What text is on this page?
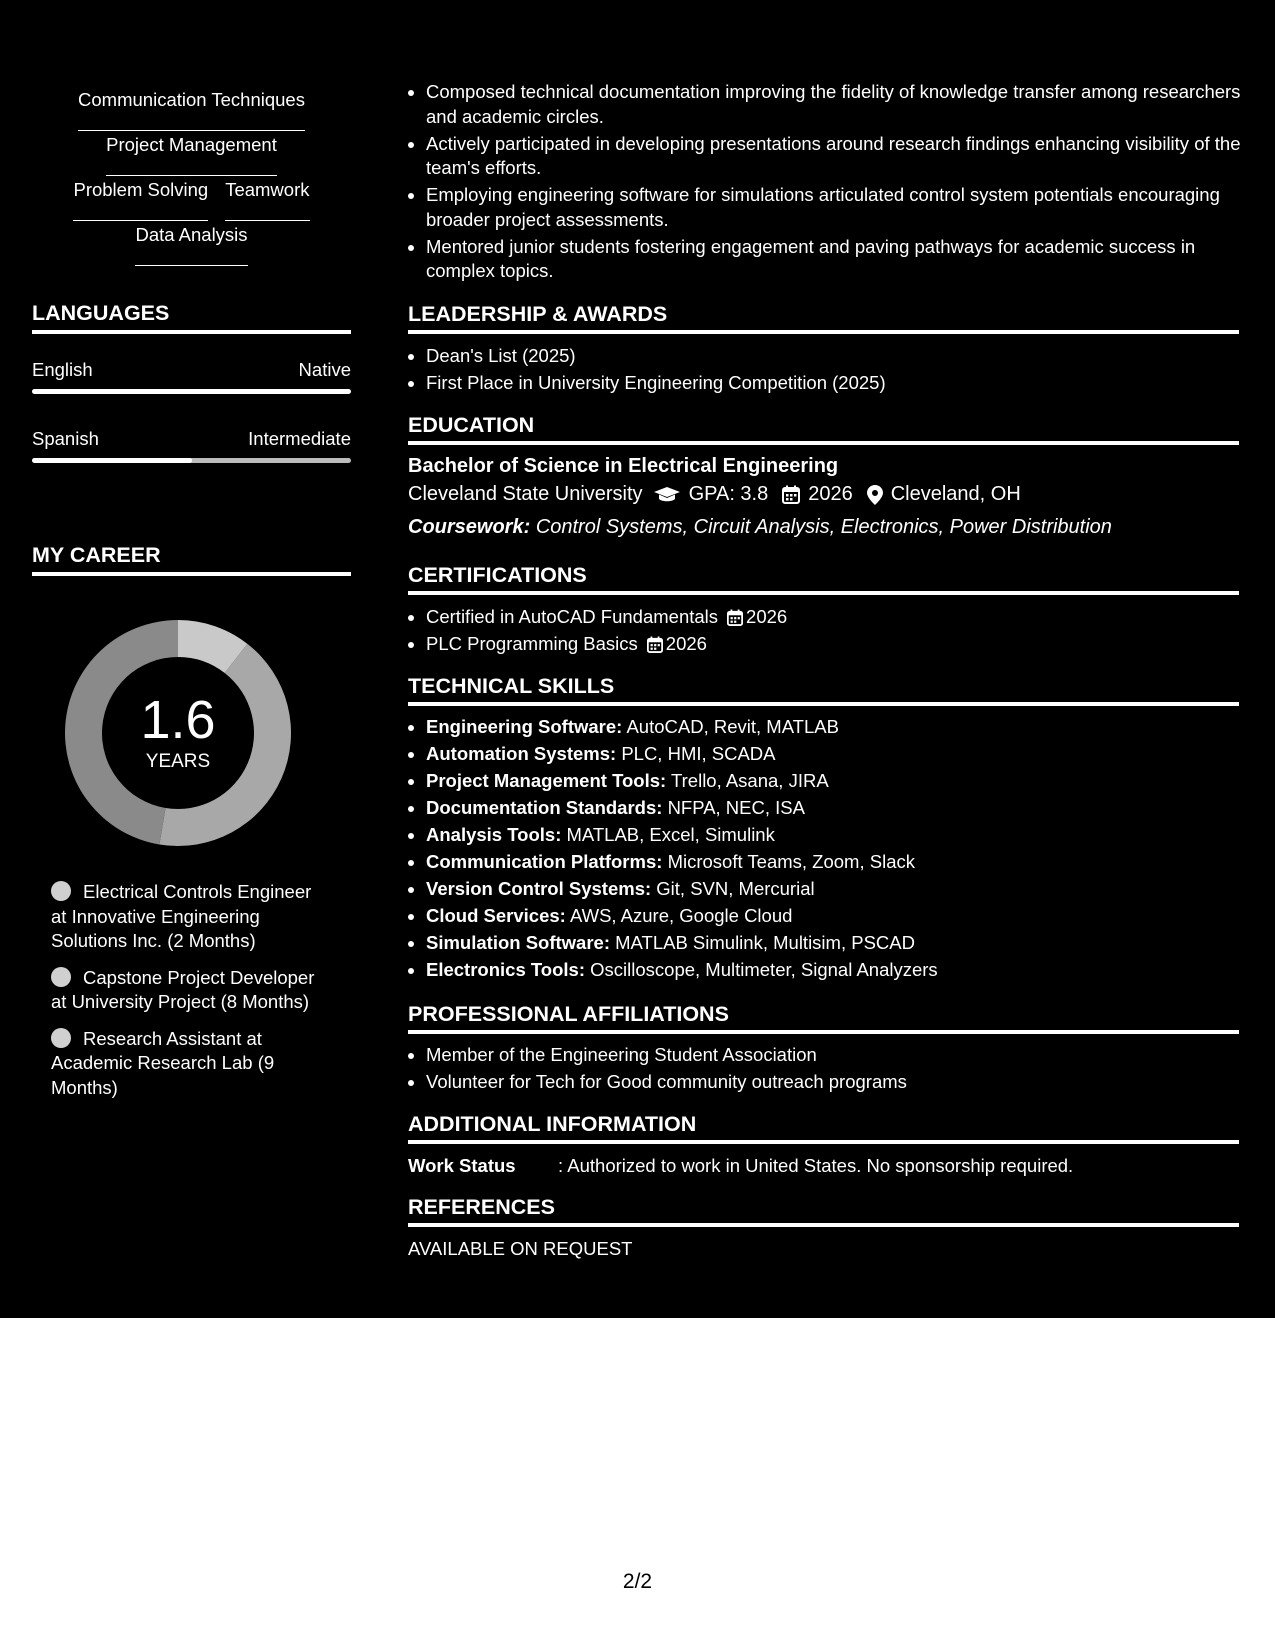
Communication Techniques
Project Management
Problem Solving Teamwork
Data Analysis
LANGUAGES
English	Native
Spanish	Intermediate
MY CAREER
1.6
YEARS
Electrical Controls Engineer at Innovative Engineering Solutions Inc. (2 Months)
Capstone Project Developer at University Project (8 Months)
Research Assistant at Academic Research Lab (9 Months)
• Composed technical documentation improving the fidelity of knowledge transfer among researchers and academic circles.
• Actively participated in developing presentations around research findings enhancing visibility of the team's efforts.
• Employing engineering software for simulations articulated control system potentials encouraging broader project assessments.
• Mentored junior students fostering engagement and paving pathways for academic success in complex topics.
LEADERSHIP & AWARDS
• Dean's List (2025)
• First Place in University Engineering Competition (2025)
EDUCATION
Bachelor of Science in Electrical Engineering
Cleveland State University GPA: 3.8 2026 Cleveland, OH
Coursework: Control Systems, Circuit Analysis, Electronics, Power Distribution
CERTIFICATIONS
• Certified in AutoCAD Fundamentals 2026
• PLC Programming Basics 2026
TECHNICAL SKILLS
• Engineering Software: AutoCAD, Revit, MATLAB
• Automation Systems: PLC, HMI, SCADA
• Project Management Tools: Trello, Asana, JIRA
• Documentation Standards: NFPA, NEC, ISA
• Analysis Tools: MATLAB, Excel, Simulink
• Communication Platforms: Microsoft Teams, Zoom, Slack
• Version Control Systems: Git, SVN, Mercurial
• Cloud Services: AWS, Azure, Google Cloud
• Simulation Software: MATLAB Simulink, Multisim, PSCAD
• Electronics Tools: Oscilloscope, Multimeter, Signal Analyzers
PROFESSIONAL AFFILIATIONS
• Member of the Engineering Student Association
• Volunteer for Tech for Good community outreach programs
ADDITIONAL INFORMATION
Work Status : Authorized to work in United States. No sponsorship required.
REFERENCES
AVAILABLE ON REQUEST
2/2
